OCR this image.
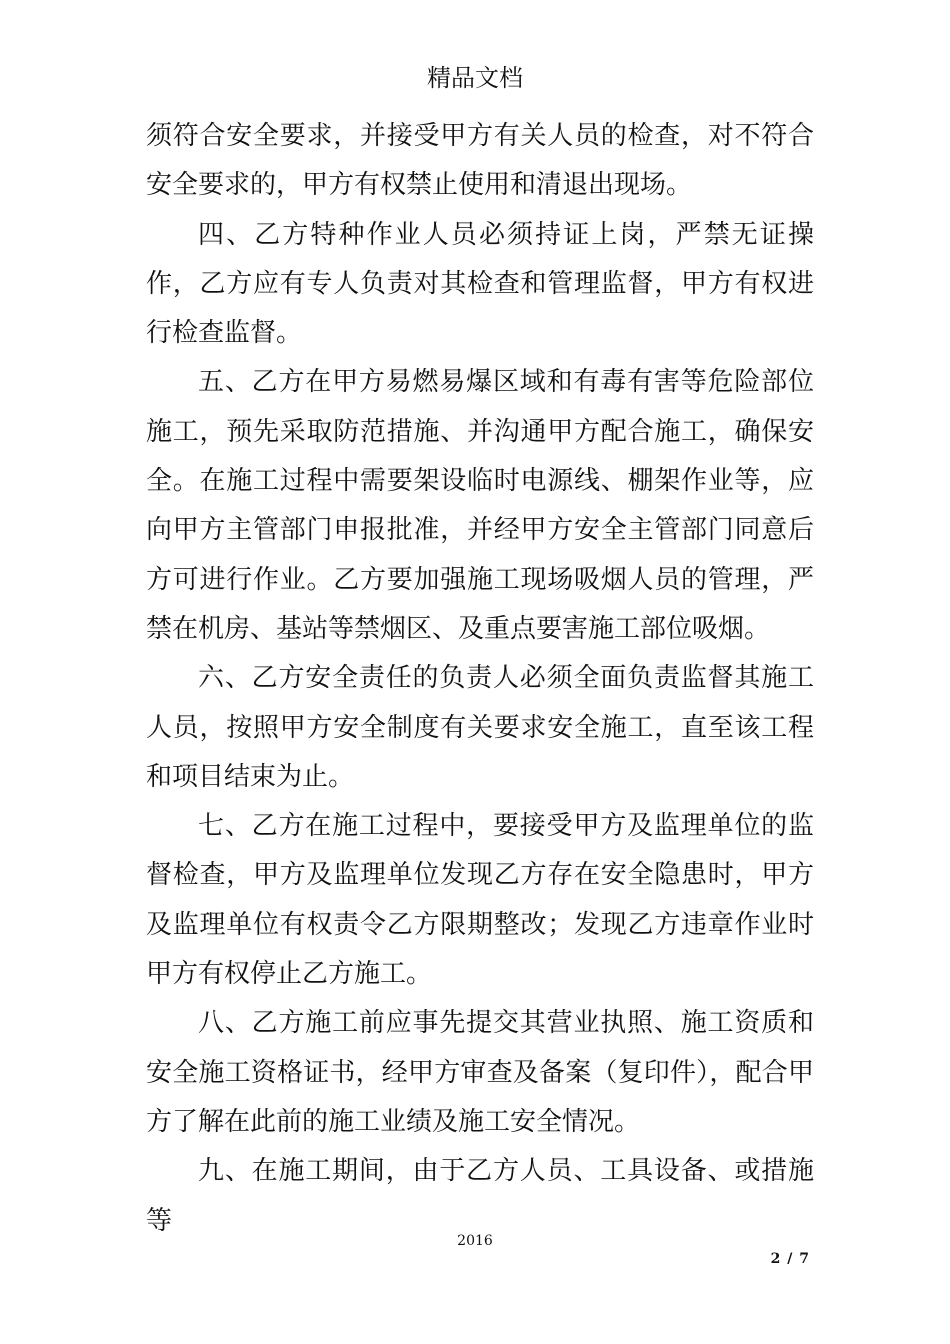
精品文档

须符合安全要求，并接受甲方有关人员的检查，对不符合安全要求的，甲方有权禁止使用和清退出现场。

四、乙方特种作业人员必须持证上岗，严禁无证操作，乙方应有专人负责对其检查和管理监督，甲方有权进行检查监督。

五、乙方在甲方易燃易爆区域和有毒有害等危险部位施工，预先采取防范措施、并沟通甲方配合施工，确保安全。在施工过程中需要架设临时电源线、棚架作业等，应向甲方主管部门申报批准，并经甲方安全主管部门同意后方可进行作业。乙方要加强施工现场吸烟人员的管理，严禁在机房、基站等禁烟区、及重点要害施工部位吸烟。

六、乙方安全责任的负责人必须全面负责监督其施工人员，按照甲方安全制度有关要求安全施工，直至该工程和项目结束为止。

七、乙方在施工过程中，要接受甲方及监理单位的监督检查，甲方及监理单位发现乙方存在安全隐患时，甲方及监理单位有权责令乙方限期整改；发现乙方违章作业时甲方有权停止乙方施工。

八、乙方施工前应事先提交其营业执照、施工资质和安全施工资格证书，经甲方审查及备案（复印件），配合甲方了解在此前的施工业绩及施工安全情况。

九、在施工期间，由于乙方人员、工具设备、或措施等

2016
2 / 7
